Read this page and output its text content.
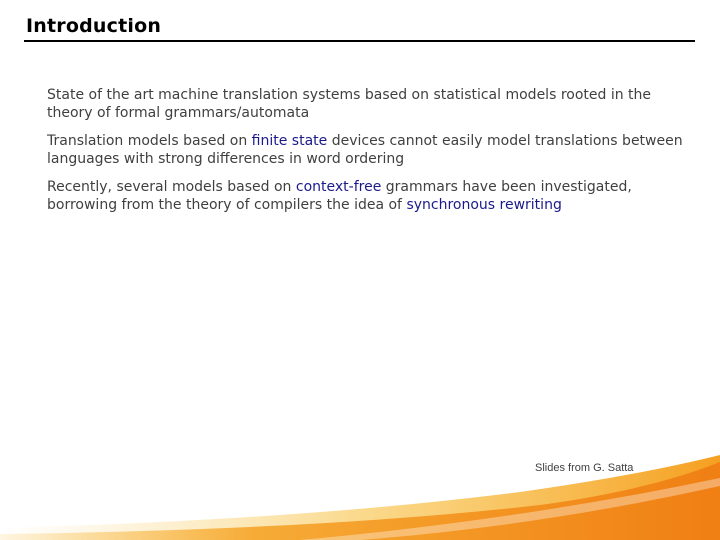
Introduction
State of the art machine translation systems based on statistical models rooted in the theory of formal grammars/automata
Translation models based on finite state devices cannot easily model translations between languages with strong differences in word ordering
Recently, several models based on context-free grammars have been investigated, borrowing from the theory of compilers the idea of synchronous rewriting
Slides from G. Satta
